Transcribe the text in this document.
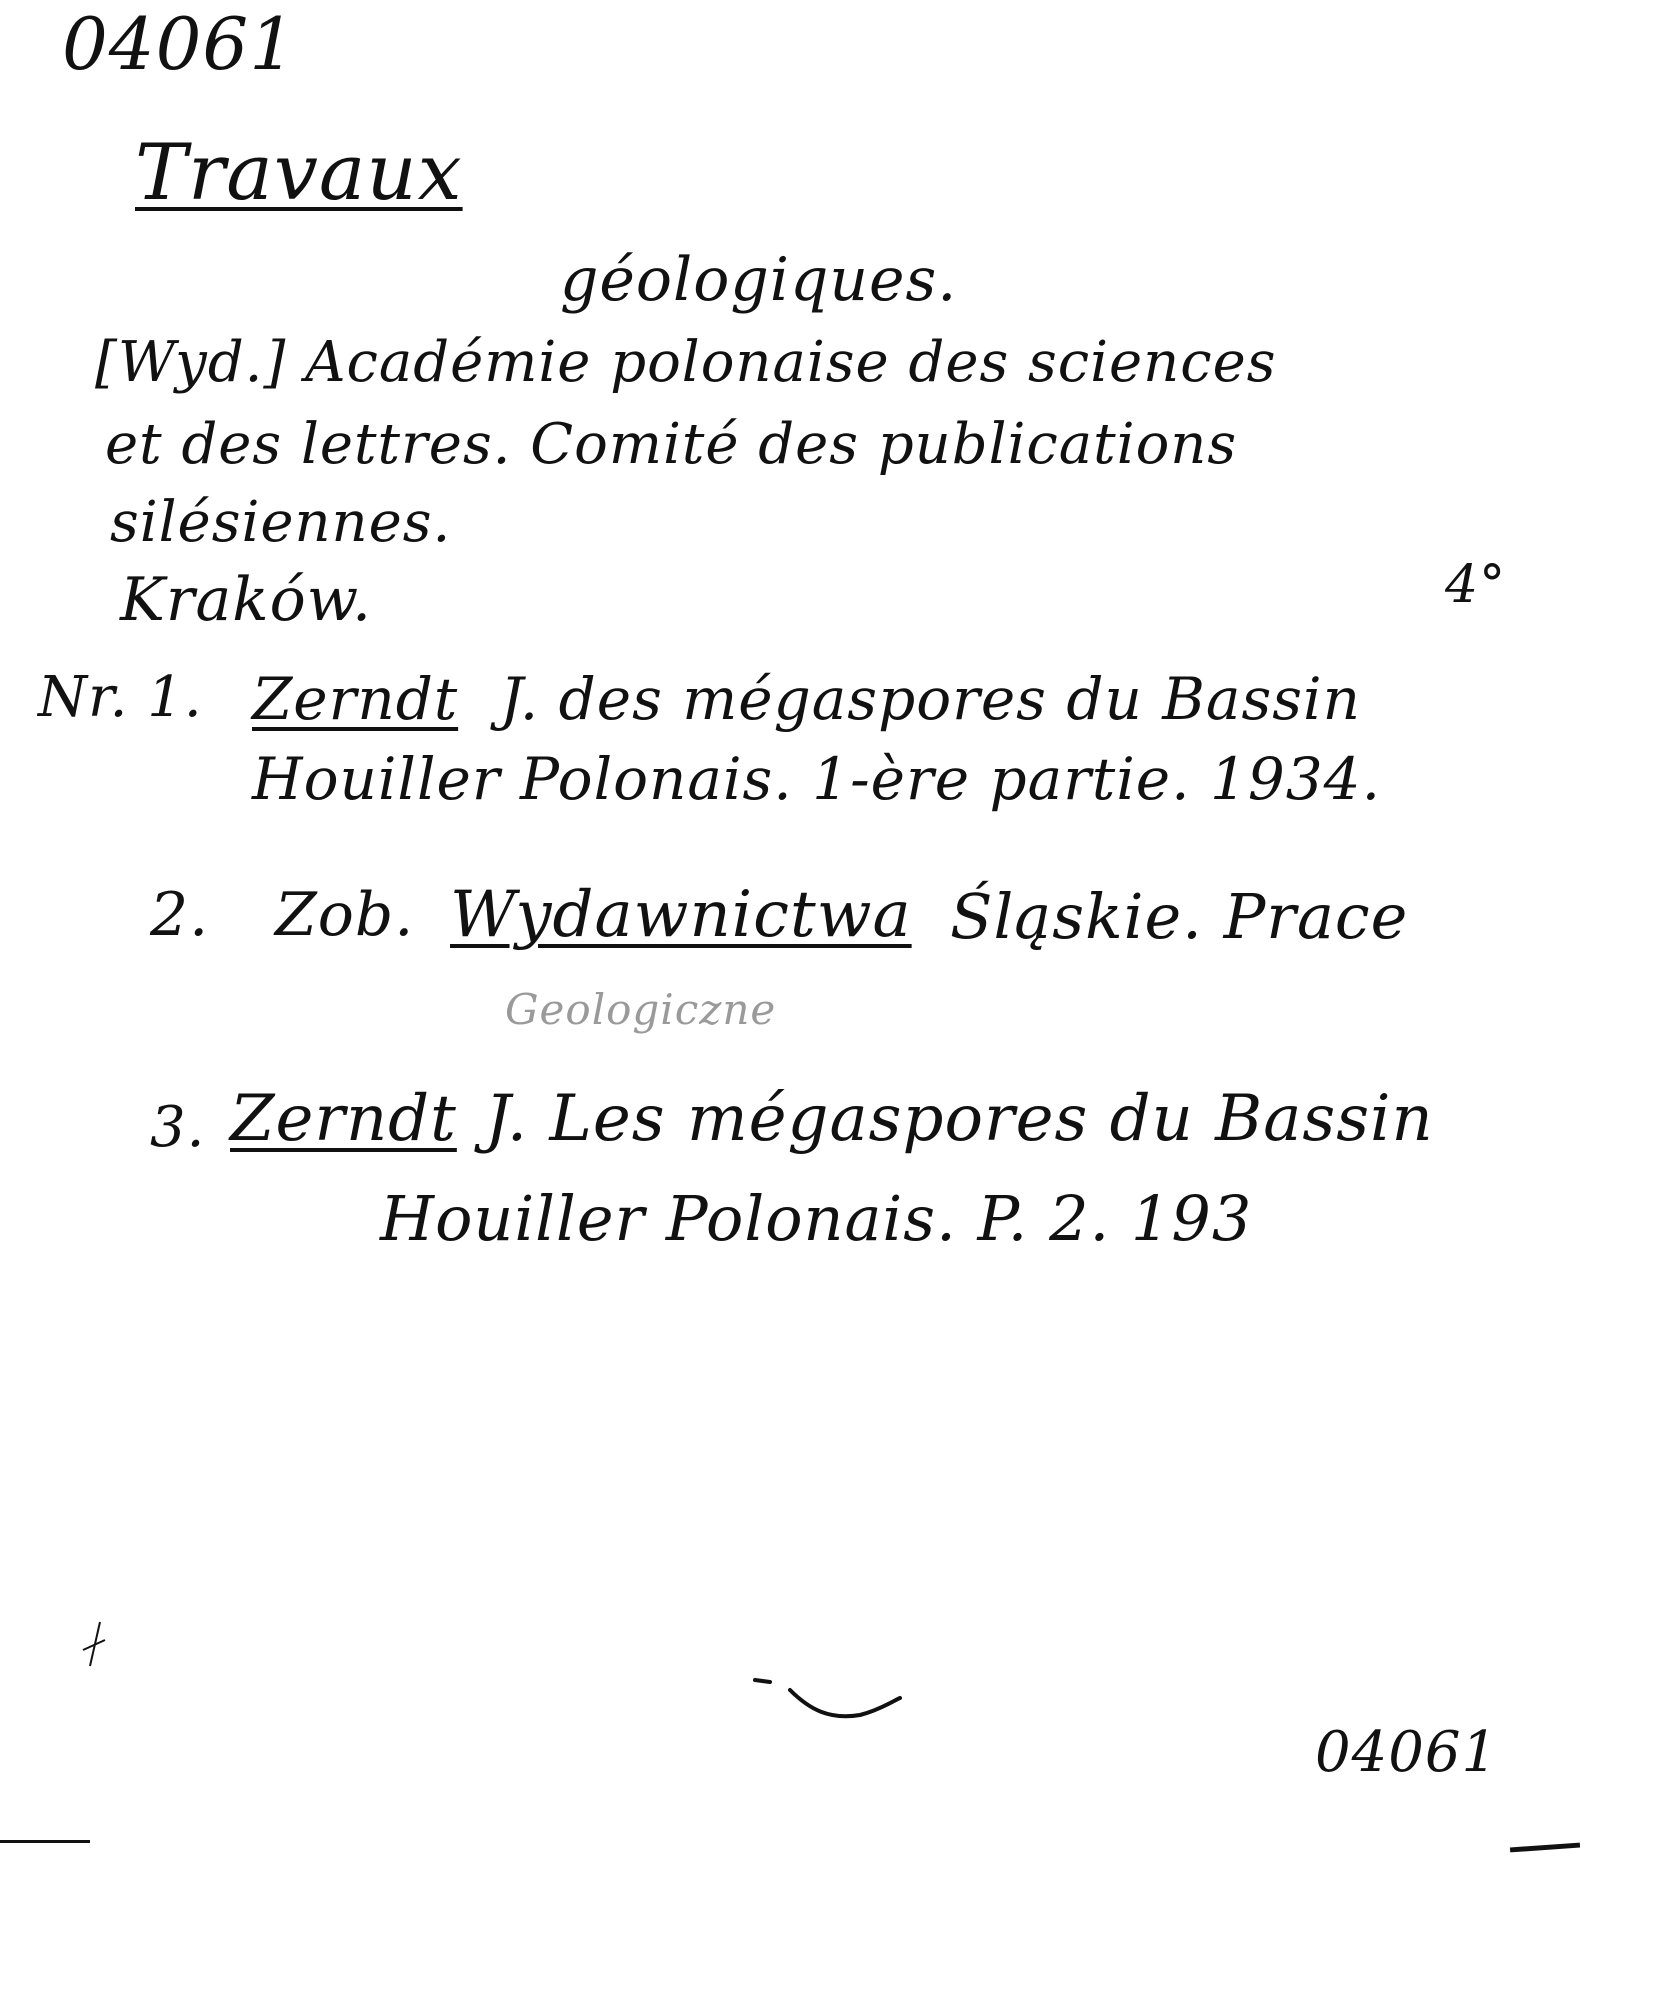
04061
Travaux
géologiques.
[Wyd.] Académie polonaise des sciences
et des lettres. Comité des publications
silésiennes.
Kraków.	4°
Nr. 1. Zerndt J. des mégaspores du Bassin
Houiller Polonais. 1-ère partie. 1934.
2. Zob. Wydawnictwa Śląskie. Prace
Geologiczne
3. Zerndt J. Les mégaspores du Bassin
Houiller Polonais. P. 2. 193
04061
